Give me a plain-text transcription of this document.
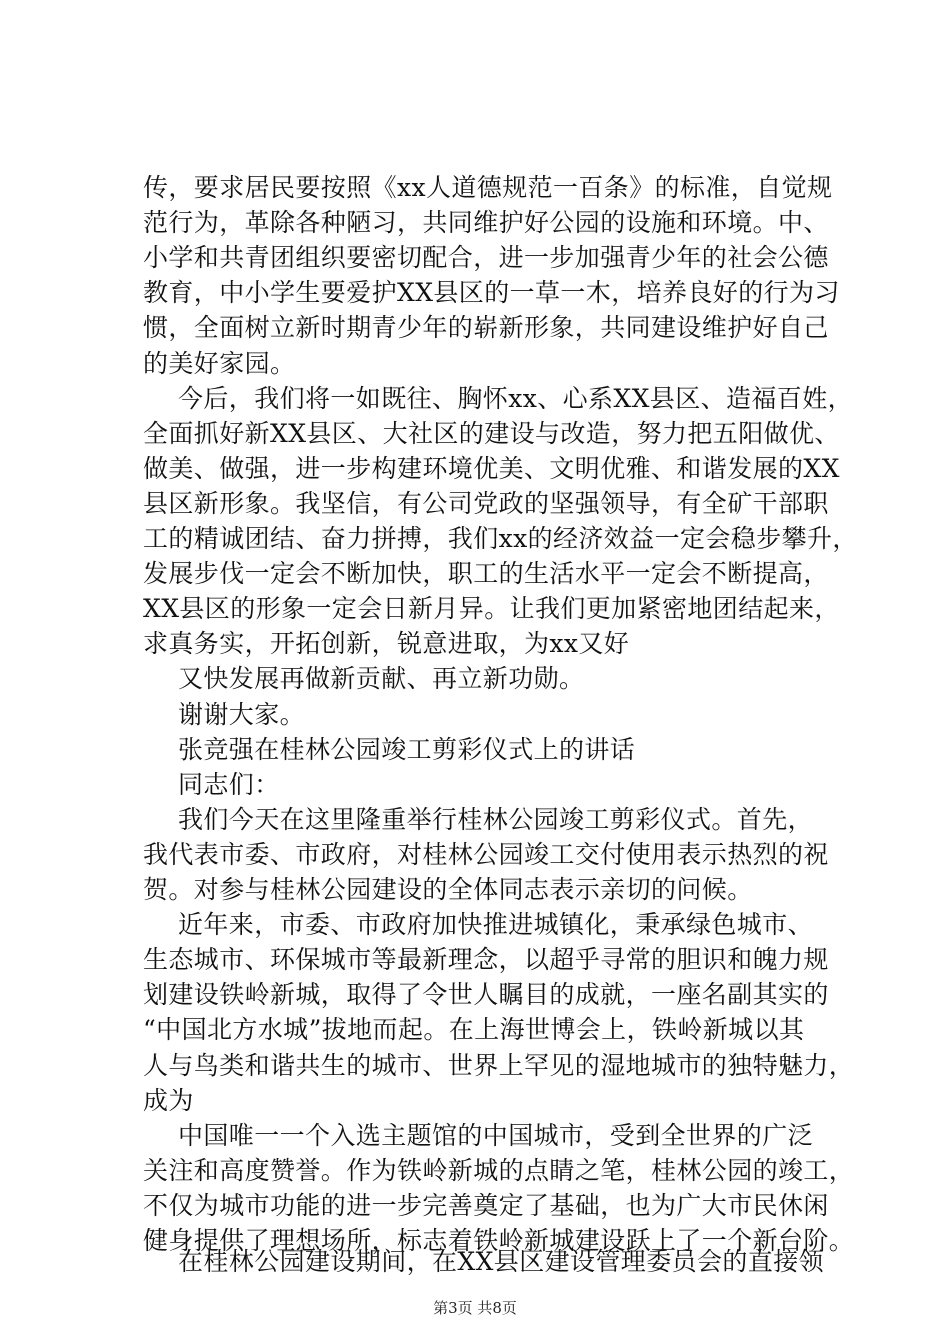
传，要求居民要按照《xx人道德规范一百条》的标准，自觉规
范行为，革除各种陋习，共同维护好公园的设施和环境。中、
小学和共青团组织要密切配合，进一步加强青少年的社会公德
教育，中小学生要爱护XX县区的一草一木，培养良好的行为习
惯，全面树立新时期青少年的崭新形象，共同建设维护好自己
的美好家园。
今后，我们将一如既往、胸怀xx、心系XX县区、造福百姓，
全面抓好新XX县区、大社区的建设与改造，努力把五阳做优、
做美、做强，进一步构建环境优美、文明优雅、和谐发展的XX
县区新形象。我坚信，有公司党政的坚强领导，有全矿干部职
工的精诚团结、奋力拼搏，我们xx的经济效益一定会稳步攀升，
发展步伐一定会不断加快，职工的生活水平一定会不断提高，
XX县区的形象一定会日新月异。让我们更加紧密地团结起来，
求真务实，开拓创新，锐意进取，为xx又好
又快发展再做新贡献、再立新功勋。
谢谢大家。
张竞强在桂林公园竣工剪彩仪式上的讲话
同志们：
我们今天在这里隆重举行桂林公园竣工剪彩仪式。首先，
我代表市委、市政府，对桂林公园竣工交付使用表示热烈的祝
贺。对参与桂林公园建设的全体同志表示亲切的问候。
近年来，市委、市政府加快推进城镇化，秉承绿色城市、
生态城市、环保城市等最新理念，以超乎寻常的胆识和魄力规
划建设铁岭新城，取得了令世人瞩目的成就，一座名副其实的
“中国北方水城”拔地而起。在上海世博会上，铁岭新城以其
人与鸟类和谐共生的城市、世界上罕见的湿地城市的独特魅力，
成为
中国唯一一个入选主题馆的中国城市，受到全世界的广泛
关注和高度赞誉。作为铁岭新城的点睛之笔，桂林公园的竣工，
不仅为城市功能的进一步完善奠定了基础，也为广大市民休闲
健身提供了理想场所，标志着铁岭新城建设跃上了一个新台阶。
第3页 共8页
在桂林公园建设期间，在XX县区建设管理委员会的直接领
